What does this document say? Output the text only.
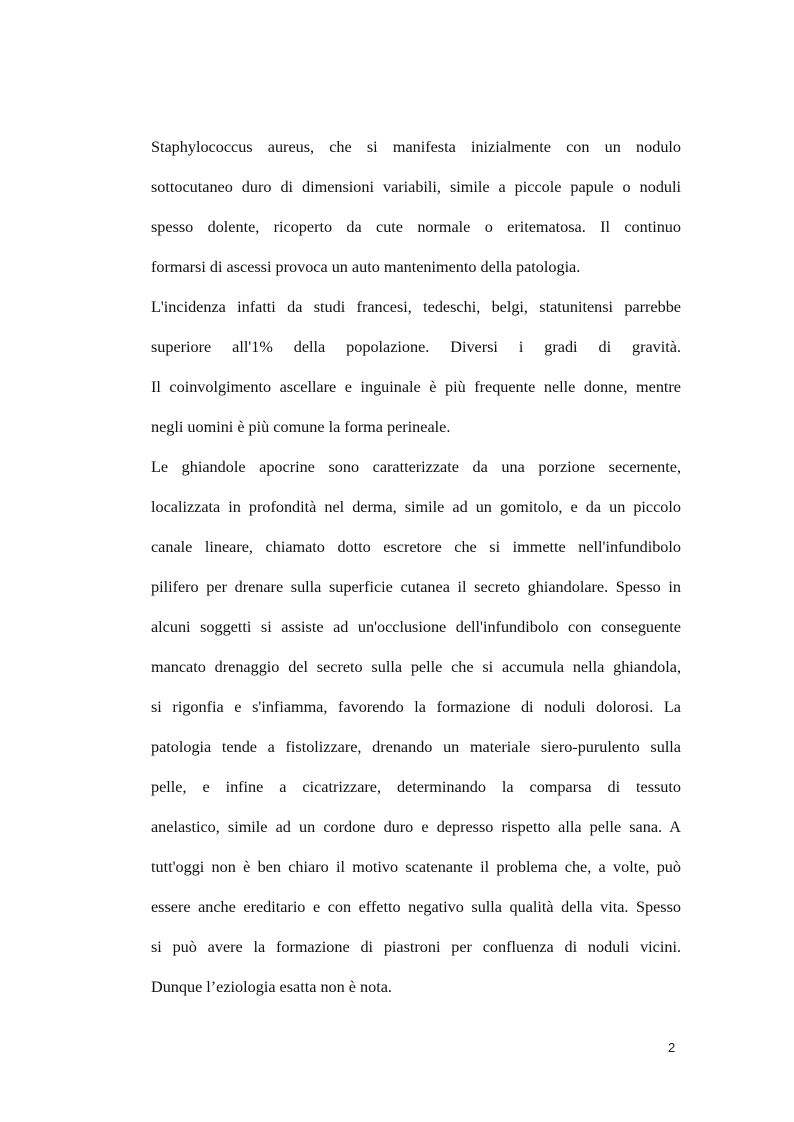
Staphylococcus aureus, che si manifesta inizialmente con un nodulo
sottocutaneo duro di dimensioni variabili, simile a piccole papule o noduli
spesso dolente, ricoperto da cute normale o eritematosa. Il continuo
formarsi di ascessi provoca un auto mantenimento della patologia.
L'incidenza infatti da studi francesi, tedeschi, belgi, statunitensi parrebbe
superiore all'1% della popolazione. Diversi i gradi di gravità.
Il coinvolgimento ascellare e inguinale è più frequente nelle donne, mentre
negli uomini è più comune la forma perineale.
Le ghiandole apocrine sono caratterizzate da una porzione secernente,
localizzata in profondità nel derma, simile ad un gomitolo, e da un piccolo
canale lineare, chiamato dotto escretore che si immette nell'infundibolo
pilifero per drenare sulla superficie cutanea il secreto ghiandolare. Spesso in
alcuni soggetti si assiste ad un'occlusione dell'infundibolo con conseguente
mancato drenaggio del secreto sulla pelle che si accumula nella ghiandola,
si rigonfia e s'infiamma, favorendo la formazione di noduli dolorosi. La
patologia tende a fistolizzare, drenando un materiale siero-purulento sulla
pelle, e infine a cicatrizzare, determinando la comparsa di tessuto
anelastico, simile ad un cordone duro e depresso rispetto alla pelle sana. A
tutt'oggi non è ben chiaro il motivo scatenante il problema che, a volte, può
essere anche ereditario e con effetto negativo sulla qualità della vita. Spesso
si può avere la formazione di piastroni per confluenza di noduli vicini.
Dunque l’eziologia esatta non è nota.
2
